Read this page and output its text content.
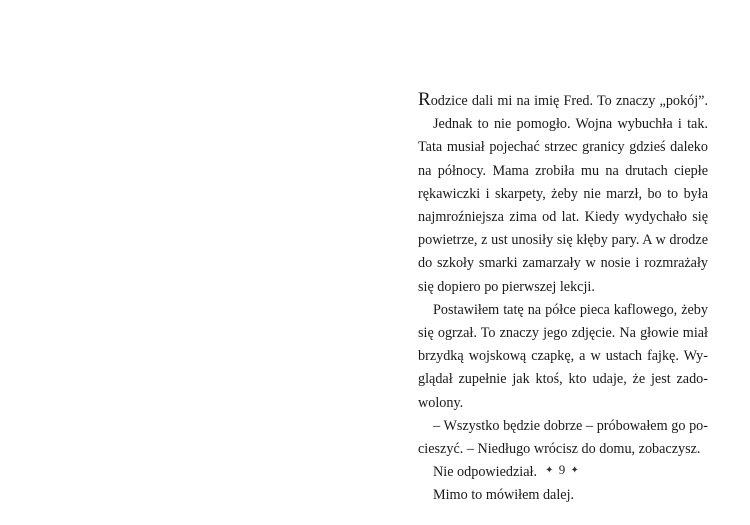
Rodzice dali mi na imię Fred. To znaczy „pokój”.
Jednak to nie pomogło. Wojna wybuchła i tak.
Tata musiał pojechać strzec granicy gdzieś daleko
na północy. Mama zrobiła mu na drutach ciepłe
rękawiczki i skarpety, żeby nie marzł, bo to była
najmroźniejsza zima od lat. Kiedy wydychało się
powietrze, z ust unosiły się kłęby pary. A w drodze
do szkoły smarki zamarzały w nosie i rozmrażały
się dopiero po pierwszej lekcji.
Postawiłem tatę na półce pieca kaflowego, żeby
się ogrzał. To znaczy jego zdjęcie. Na głowie miał
brzydką wojskową czapkę, a w ustach fajkę. Wy-
glądał zupełnie jak ktoś, kto udaje, że jest zado-
wolony.
– Wszystko będzie dobrze – próbowałem go po-
cieszyć. – Niedługo wrócisz do domu, zobaczysz.
Nie odpowiedział.
Mimo to mówiłem dalej.
✦ 9 ✦
